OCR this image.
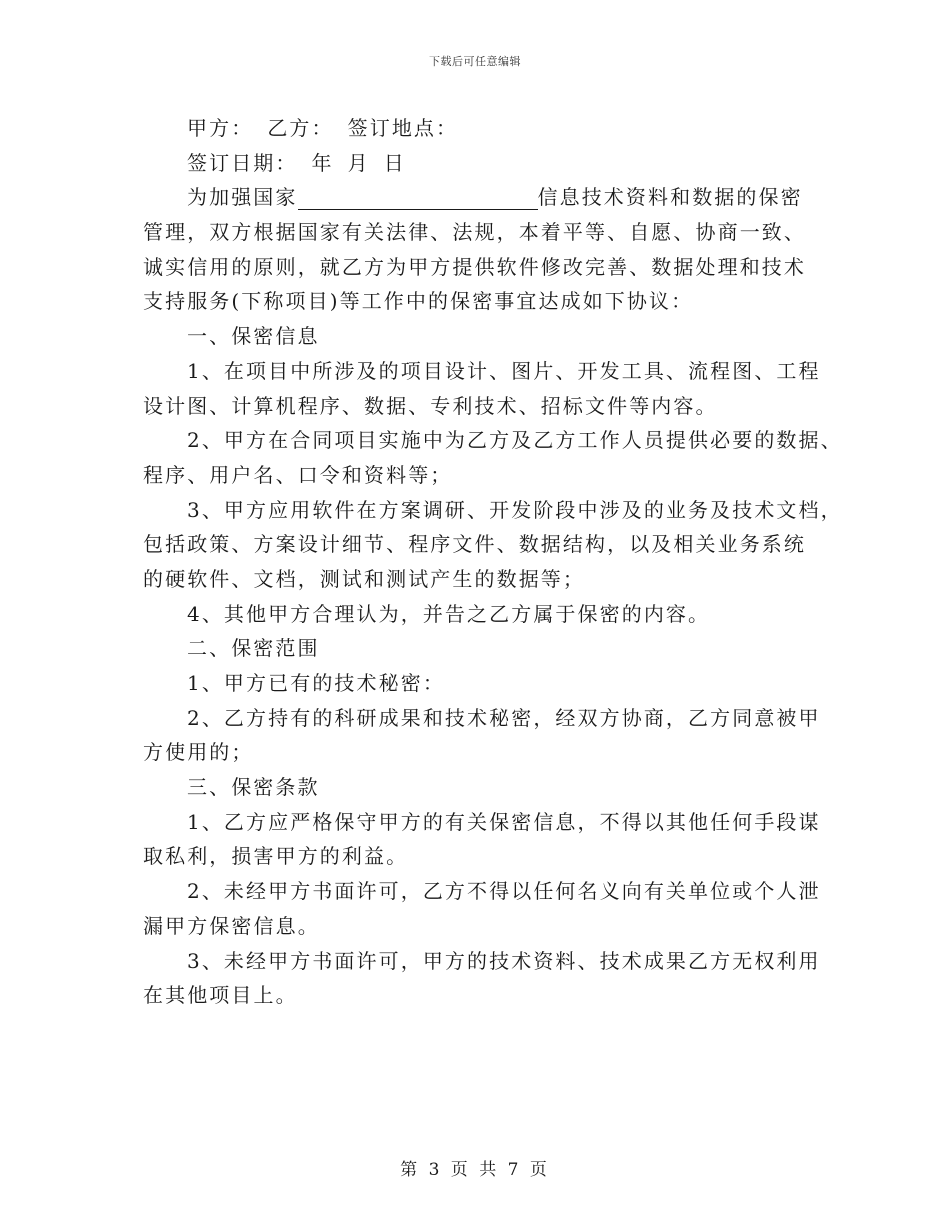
下载后可任意编辑
甲方： 乙方： 签订地点：
签订日期： 年 月 日
为加强国家	信息技术资料和数据的保密
管理，双方根据国家有关法律、法规，本着平等、自愿、协商一致、
诚实信用的原则，就乙方为甲方提供软件修改完善、数据处理和技术
支持服务(下称项目)等工作中的保密事宜达成如下协议：
一、保密信息
1、在项目中所涉及的项目设计、图片、开发工具、流程图、工程
设计图、计算机程序、数据、专利技术、招标文件等内容。
2、甲方在合同项目实施中为乙方及乙方工作人员提供必要的数据、
程序、用户名、口令和资料等；
3、甲方应用软件在方案调研、开发阶段中涉及的业务及技术文档，
包括政策、方案设计细节、程序文件、数据结构，以及相关业务系统
的硬软件、文档，测试和测试产生的数据等；
4、其他甲方合理认为，并告之乙方属于保密的内容。
二、保密范围
1、甲方已有的技术秘密：
2、乙方持有的科研成果和技术秘密，经双方协商，乙方同意被甲
方使用的；
三、保密条款
1、乙方应严格保守甲方的有关保密信息，不得以其他任何手段谋
取私利，损害甲方的利益。
2、未经甲方书面许可，乙方不得以任何名义向有关单位或个人泄
漏甲方保密信息。
3、未经甲方书面许可，甲方的技术资料、技术成果乙方无权利用
在其他项目上。
第 3 页 共 7 页
